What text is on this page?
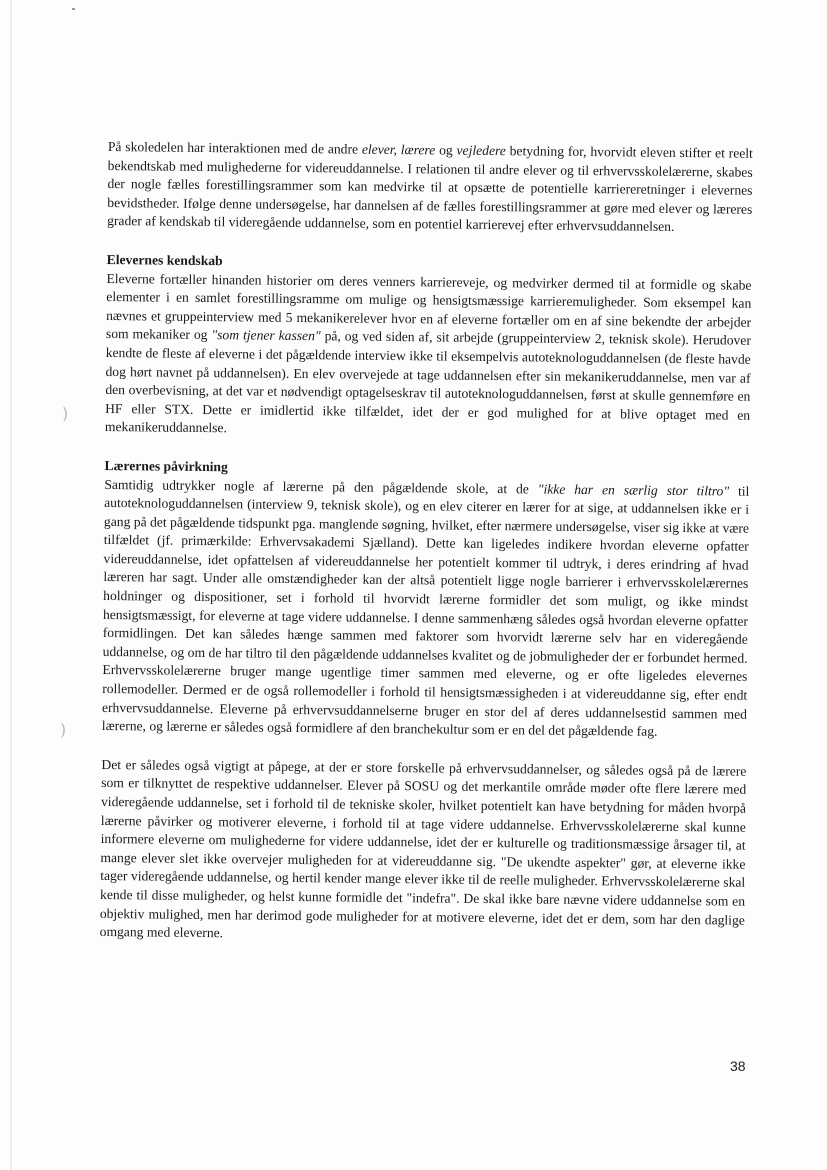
)
)

På skoledelen har interaktionen med de andre elever, lærere og vejledere betydning for, hvorvidt eleven stifter et reelt bekendtskab med mulighederne for videreuddannelse. I relationen til andre elever og til erhvervsskolelærerne, skabes der nogle fælles forestillingsrammer som kan medvirke til at opsætte de potentielle karriereretninger i elevernes bevidstheder. Ifølge denne undersøgelse, har dannelsen af de fælles forestillingsrammer at gøre med elever og læreres grader af kendskab til videregående uddannelse, som en potentiel karrierevej efter erhvervsuddannelsen.

Elevernes kendskab

Eleverne fortæller hinanden historier om deres venners karriereveje, og medvirker dermed til at formidle og skabe elementer i en samlet forestillingsramme om mulige og hensigtsmæssige karrieremuligheder. Som eksempel kan nævnes et gruppeinterview med 5 mekanikerelever hvor en af eleverne fortæller om en af sine bekendte der arbejder som mekaniker og "som tjener kassen" på, og ved siden af, sit arbejde (gruppeinterview 2, teknisk skole). Herudover kendte de fleste af eleverne i det pågældende interview ikke til eksempelvis autoteknologuddannelsen (de fleste havde dog hørt navnet på uddannelsen). En elev overvejede at tage uddannelsen efter sin mekanikeruddannelse, men var af den overbevisning, at det var et nødvendigt optagelseskrav til autoteknologuddannelsen, først at skulle gennemføre en HF eller STX. Dette er imidlertid ikke tilfældet, idet der er god mulighed for at blive optaget med en mekanikeruddannelse.

Lærernes påvirkning

Samtidig udtrykker nogle af lærerne på den pågældende skole, at de "ikke har en særlig stor tiltro" til autoteknologuddannelsen (interview 9, teknisk skole), og en elev citerer en lærer for at sige, at uddannelsen ikke er i gang på det pågældende tidspunkt pga. manglende søgning, hvilket, efter nærmere undersøgelse, viser sig ikke at være tilfældet (jf. primærkilde: Erhvervsakademi Sjælland). Dette kan ligeledes indikere hvordan eleverne opfatter videreuddannelse, idet opfattelsen af videreuddannelse her potentielt kommer til udtryk, i deres erindring af hvad læreren har sagt. Under alle omstændigheder kan der altså potentielt ligge nogle barrierer i erhvervsskolelærernes holdninger og dispositioner, set i forhold til hvorvidt lærerne formidler det som muligt, og ikke mindst hensigtsmæssigt, for eleverne at tage videre uddannelse. I denne sammenhæng således også hvordan eleverne opfatter formidlingen. Det kan således hænge sammen med faktorer som hvorvidt lærerne selv har en videregående uddannelse, og om de har tiltro til den pågældende uddannelses kvalitet og de jobmuligheder der er forbundet hermed. Erhvervsskolelærerne bruger mange ugentlige timer sammen med eleverne, og er ofte ligeledes elevernes rollemodeller. Dermed er de også rollemodeller i forhold til hensigtsmæssigheden i at videreuddanne sig, efter endt erhvervsuddannelse. Eleverne på erhvervsuddannelserne bruger en stor del af deres uddannelsestid sammen med lærerne, og lærerne er således også formidlere af den branchekultur som er en del det pågældende fag.

Det er således også vigtigt at påpege, at der er store forskelle på erhvervsuddannelser, og således også på de lærere som er tilknyttet de respektive uddannelser. Elever på SOSU og det merkantile område møder ofte flere lærere med videregående uddannelse, set i forhold til de tekniske skoler, hvilket potentielt kan have betydning for måden hvorpå lærerne påvirker og motiverer eleverne, i forhold til at tage videre uddannelse. Erhvervsskolelærerne skal kunne informere eleverne om mulighederne for videre uddannelse, idet der er kulturelle og traditionsmæssige årsager til, at mange elever slet ikke overvejer muligheden for at videreuddanne sig. "De ukendte aspekter" gør, at eleverne ikke tager videregående uddannelse, og hertil kender mange elever ikke til de reelle muligheder. Erhvervsskolelærerne skal kende til disse muligheder, og helst kunne formidle det "indefra". De skal ikke bare nævne videre uddannelse som en objektiv mulighed, men har derimod gode muligheder for at motivere eleverne, idet det er dem, som har den daglige omgang med eleverne.

38
